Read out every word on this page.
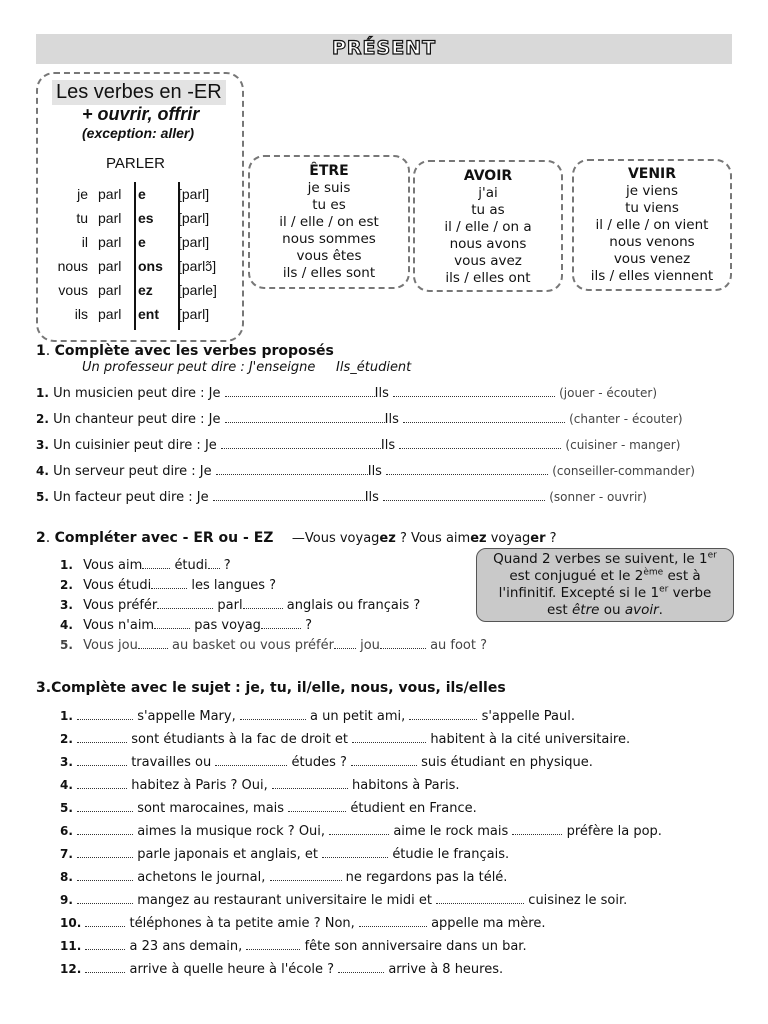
PRÉSENT
Les verbes en -ER
+ ouvrir, offrir
(exception: aller)
PARLER
je parl e [parl]
tu parl es [parl]
il parl e [parl]
nous parl ons [parlɔ̃]
vous parl ez [parle]
ils parl ent [parl]
ÊTRE
je suis
tu es
il / elle / on est
nous sommes
vous êtes
ils / elles sont
AVOIR
j'ai
tu as
il / elle / on a
nous avons
vous avez
ils / elles ont
VENIR
je viens
tu viens
il / elle / on vient
nous venons
vous venez
ils / elles viennent
1. Complète avec les verbes proposés
Un professeur peut dire : J'enseigne     Ils_étudient
1. Un musicien peut dire : Je	Ils	(jouer - écouter)
2. Un chanteur peut dire : Je	Ils	(chanter - écouter)
3. Un cuisinier peut dire : Je	Ils	(cuisiner - manger)
4. Un serveur peut dire : Je	Ils	(conseiller-commander)
5. Un facteur peut dire : Je	Ils	(sonner - ouvrir)
2. Compléter avec - ER ou - EZ —Vous voyagez ? Vous aimez voyager ?
1. Vous aim étudi ?
2. Vous étudi	les langues ?
3. Vous préfér	parl	anglais ou français ?
4. Vous n'aim	pas voyag	?
5. Vous jou	au basket ou vous préfér jou	au foot ?
Quand 2 verbes se suivent, le 1er
est conjugué et le 2ème est à
l'infinitif. Excepté si le 1er verbe
est être ou avoir.
3.Complète avec le sujet : je, tu, il/elle, nous, vous, ils/elles
1.	s'appelle Mary,	a un petit ami,	s'appelle Paul.
2.	sont étudiants à la fac de droit et	habitent à la cité universitaire.
3.	travailles ou	études ?	suis étudiant en physique.
4.	habitez à Paris ? Oui,	habitons à Paris.
5.	sont marocaines, mais	étudient en France.
6.	aimes la musique rock ? Oui,	aime le rock mais	préfère la pop.
7.	parle japonais et anglais, et	étudie le français.
8.	achetons le journal,	ne regardons pas la télé.
9.	mangez au restaurant universitaire le midi et	cuisinez le soir.
10.	téléphones à ta petite amie ? Non,	appelle ma mère.
11.	a 23 ans demain,	fête son anniversaire dans un bar.
12.	arrive à quelle heure à l'école ?	arrive à 8 heures.
